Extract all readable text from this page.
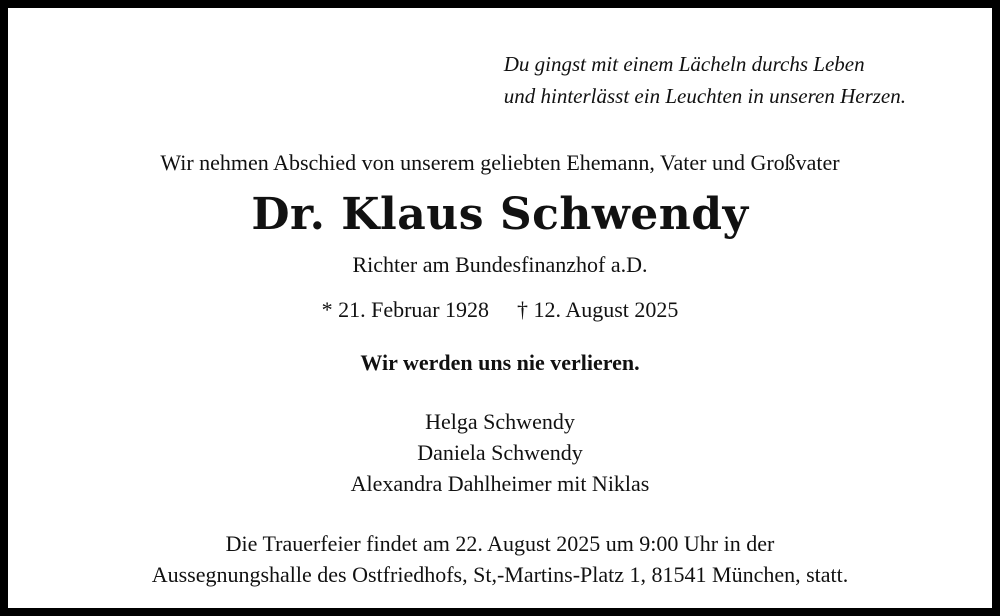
Du gingst mit einem Lächeln durchs Leben
und hinterlässt ein Leuchten in unseren Herzen.
Wir nehmen Abschied von unserem geliebten Ehemann, Vater und Großvater
Dr. Klaus Schwendy
Richter am Bundesfinanzhof a.D.
* 21. Februar 1928 † 12. August 2025
Wir werden uns nie verlieren.
Helga Schwendy
Daniela Schwendy
Alexandra Dahlheimer mit Niklas
Die Trauerfeier findet am 22. August 2025 um 9:00 Uhr in der
Aussegnungshalle des Ostfriedhofs, St,-Martins-Platz 1, 81541 München, statt.
